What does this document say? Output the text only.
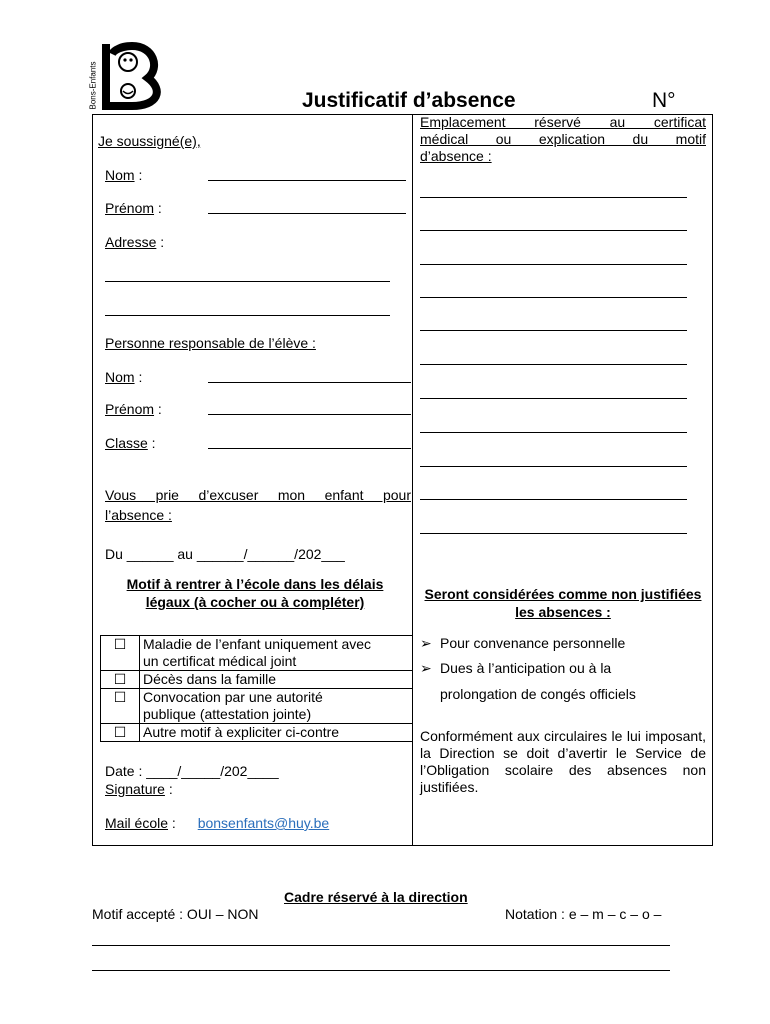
Bons-Enfants	Justificatif d’absence	N°
Je soussigné(e),
Nom :
Prénom :
Adresse :
Personne responsable de l’élève :
Nom :
Prénom :
Classe :
Vous prie d’excuser mon enfant pour
l’absence :
Du ______ au ______/______/202___
Motif à rentrer à l’école dans les délais légaux (à cocher ou à compléter)
☐	Maladie de l’enfant uniquement avec
un certificat médical joint
☐	Décès dans la famille
☐	Convocation par une autorité
publique (attestation jointe)
☐	Autre motif à expliciter ci-contre
Date : ____/_____/202____
Signature :
Mail école : bonsenfants@huy.be
Emplacement réservé au certificat
médical ou explication du motif
d’absence :
Seront considérées comme non justifiées les absences :
➢ Pour convenance personnelle
➢ Dues à l’anticipation ou à la
prolongation de congés officiels
Conformément aux circulaires le lui imposant, la Direction se doit d’avertir le Service de l’Obligation scolaire des absences non justifiées.
Cadre réservé à la direction
Motif accepté : OUI – NON	Notation : e – m – c – o –
